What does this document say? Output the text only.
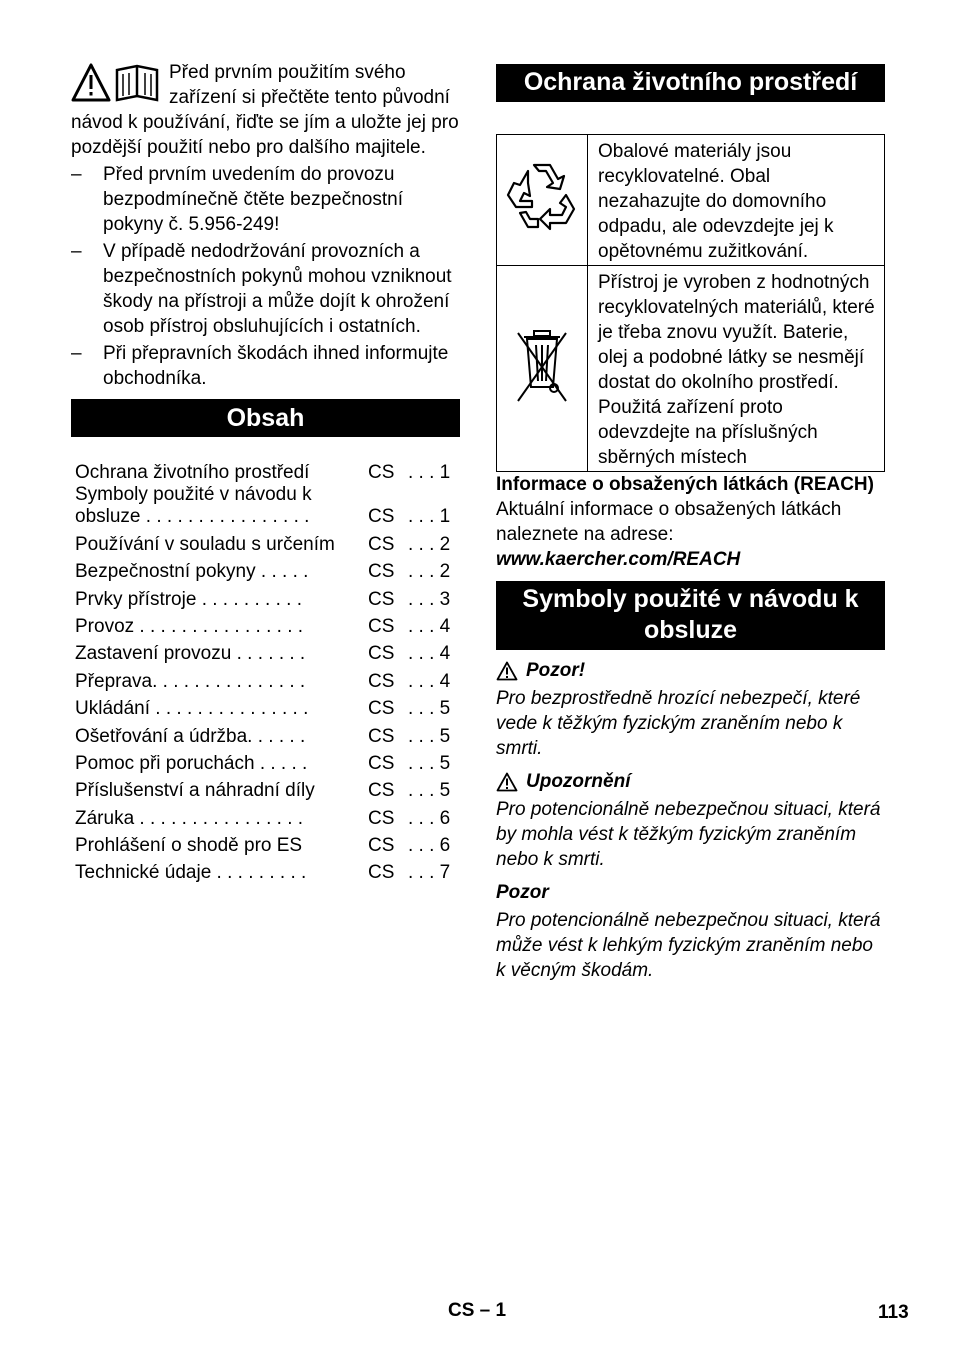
Před prvním použitím svého zařízení si přečtěte tento původní návod k používání, řiďte se jím a uložte jej pro pozdější použití nebo pro dalšího majitele.

– Před prvním uvedením do provozu bezpodmínečně čtěte bezpečnostní pokyny č. 5.956-249!
– V případě nedodržování provozních a bezpečnostních pokynů mohou vzniknout škody na přístroji a může dojít k ohrožení osob přístroj obsluhujících i ostatních.
– Při přepravních škodách ihned informujte obchodníka.
Obsah
Ochrana životního prostředí	CS	. . . 1
Symboly použité v návodu k obsluze . . . . . . . . . . . . . . . .	CS	. . . 1
Používání v souladu s určením	CS	. . . 2
Bezpečnostní pokyny . . . . .	CS	. . . 2
Prvky přístroje . . . . . . . . . .	CS	. . . 3
Provoz . . . . . . . . . . . . . . . .	CS	. . . 4
Zastavení provozu . . . . . . .	CS	. . . 4
Přeprava. . . . . . . . . . . . . . .	CS	. . . 4
Ukládání . . . . . . . . . . . . . . .	CS	. . . 5
Ošetřování a údržba. . . . . .	CS	. . . 5
Pomoc při poruchách . . . . .	CS	. . . 5
Příslušenství a náhradní díly	CS	. . . 5
Záruka . . . . . . . . . . . . . . . .	CS	. . . 6
Prohlášení o shodě pro ES	CS	. . . 6
Technické údaje . . . . . . . . .	CS	. . . 7
Ochrana životního prostředí
	Obalové materiály jsou recyklovatelné. Obal nezahazujte do domovního odpadu, ale odevzdejte jej k opětovnému zužitkování.
	Přístroj je vyroben z hodnotných recyklovatelných materiálů, které je třeba znovu využít. Baterie, olej a podobné látky se nesmějí dostat do okolního prostředí. Použitá zařízení proto odevzdejte na příslušných sběrných místech
Informace o obsažených látkách (REACH)
Aktuální informace o obsažených látkách naleznete na adrese:
www.kaercher.com/REACH
Symboly použité v návodu k obsluze
Pozor!
Pro bezprostředně hrozící nebezpečí, které vede k těžkým fyzickým zraněním nebo k smrti.
Upozornění
Pro potencionálně nebezpečnou situaci, která by mohla vést k těžkým fyzickým zraněním nebo k smrti.
Pozor
Pro potencionálně nebezpečnou situaci, která může vést k lehkým fyzickým zraněním nebo k věcným škodám.
CS – 1	113
